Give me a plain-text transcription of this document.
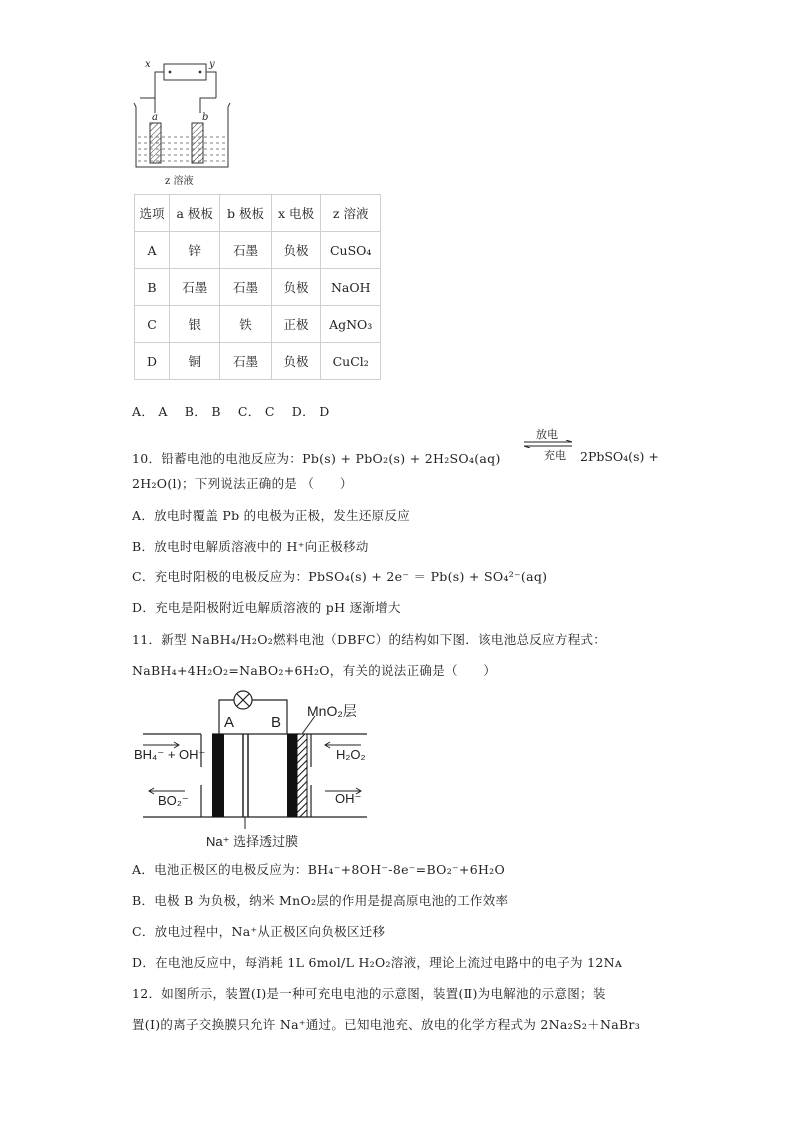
x	y
a	b
z 溶液
选项	a 极板	b 极板	x 电极	z 溶液
A	锌	石墨	负极	CuSO₄
B	石墨	石墨	负极	NaOH
C	银	铁	正极	AgNO₃
D	铜	石墨	负极	CuCl₂
A． A　 B． B　 C． C　 D． D
10．铅蓄电池的电池反应为：Pb(s) + PbO₂(s) + 2H₂SO₄(aq)
放电
充电 2PbSO₄(s) +
2H₂O(l)；下列说法正确的是 （　　）
A．放电时覆盖 Pb 的电极为正极，发生还原反应
B．放电时电解质溶液中的 H⁺向正极移动
C．充电时阳极的电极反应为：PbSO₄(s) + 2e⁻ ＝ Pb(s) + SO₄²⁻(aq)
D．充电是阳极附近电解质溶液的 pH 逐渐增大
11．新型 NaBH₄/H₂O₂燃料电池（DBFC）的结构如下图．该电池总反应方程式：
NaBH₄+4H₂O₂=NaBO₂+6H₂O，有关的说法正确是（　　）
A B
MnO₂层
BH₄⁻ + OH⁻
BO₂⁻
H₂O₂
OH⁻
Na⁺ 选择透过膜
A．电池正极区的电极反应为：BH₄⁻+8OH⁻-8e⁻=BO₂⁻+6H₂O
B．电极 B 为负极，纳米 MnO₂层的作用是提高原电池的工作效率
C．放电过程中，Na⁺从正极区向负极区迁移
D．在电池反应中，每消耗 1L 6mol/L H₂O₂溶液，理论上流过电路中的电子为 12Nᴀ
12．如图所示，装置(Ⅰ)是一种可充电电池的示意图，装置(Ⅱ)为电解池的示意图；装
置(Ⅰ)的离子交换膜只允许 Na⁺通过。已知电池充、放电的化学方程式为 2Na₂S₂＋NaBr₃
